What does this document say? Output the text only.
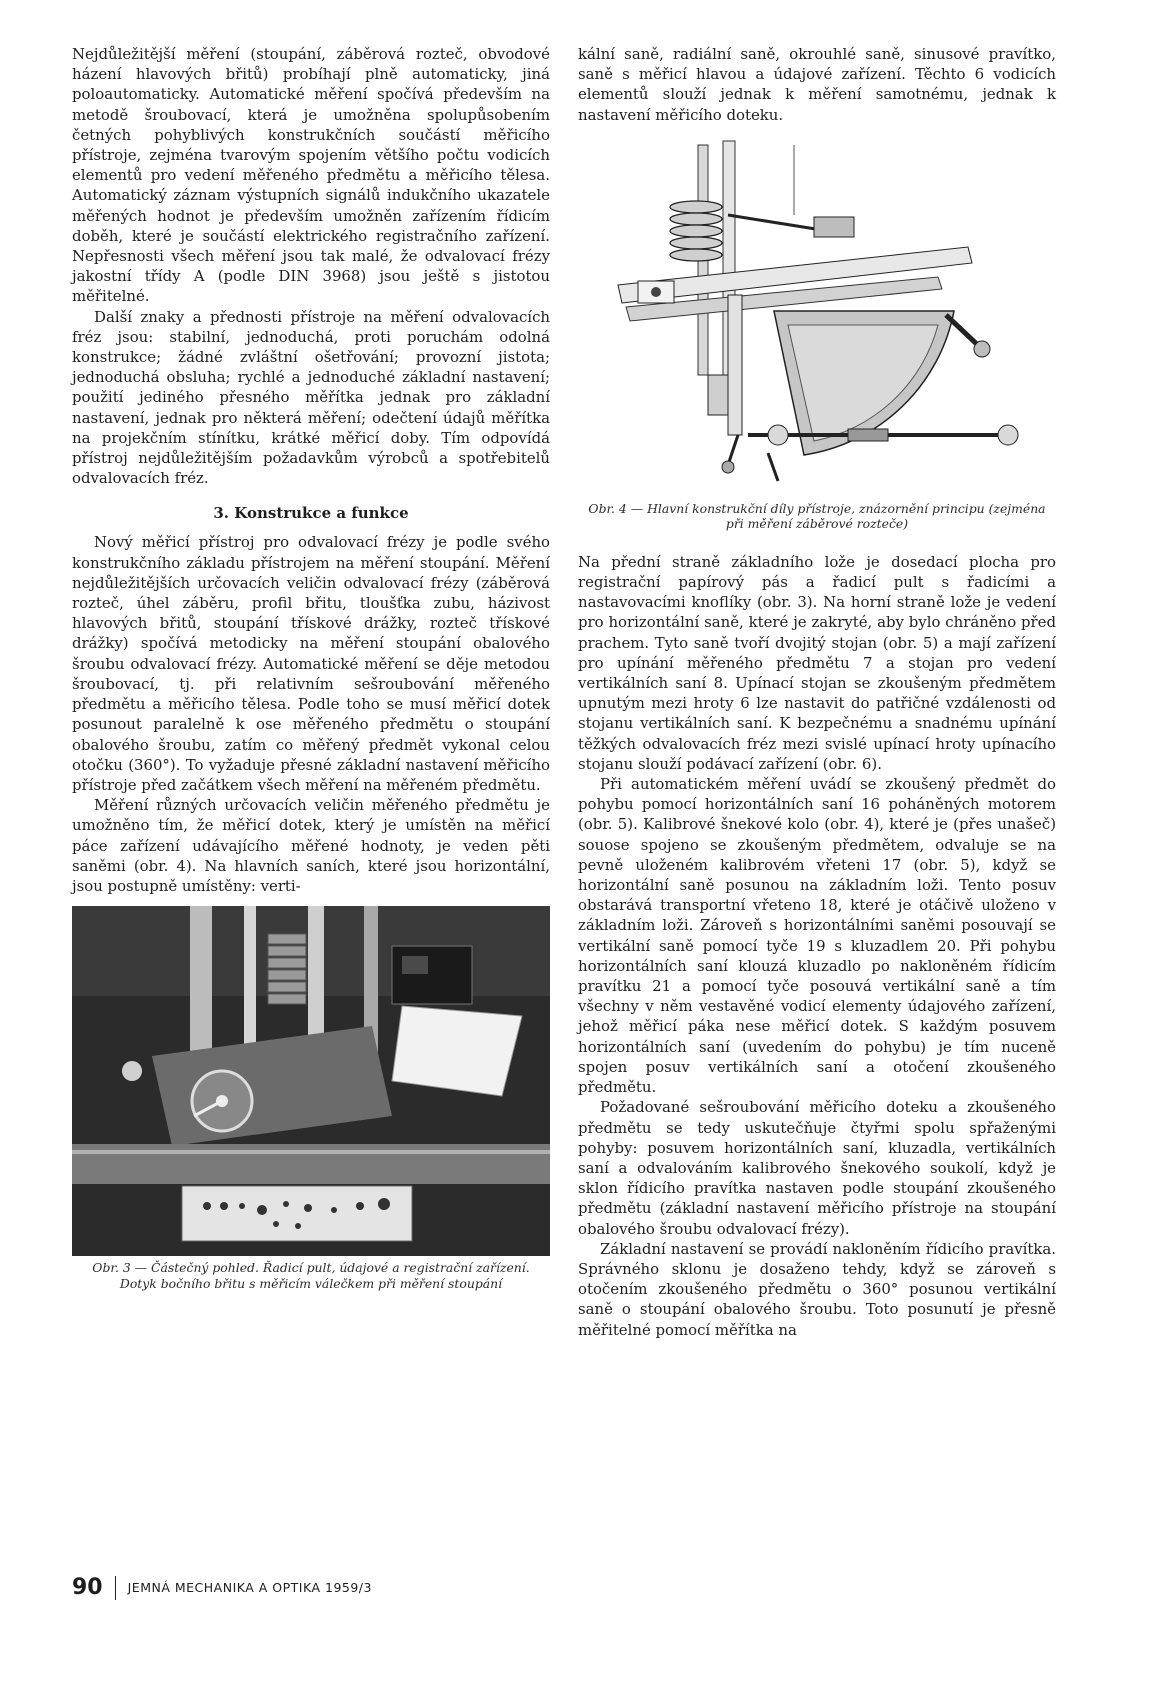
Nejdůležitější měření (stoupání, záběrová rozteč, obvodové házení hlavových břitů) probíhají plně automaticky, jiná poloautomaticky. Automatické měření spočívá především na metodě šroubovací, která je umožněna spolupůsobením četných pohyblivých konstrukčních součástí měřicího přístroje, zejména tvarovým spojením většího počtu vodicích elementů pro vedení měřeného předmětu a měřicího tělesa. Automatický záznam výstupních signálů indukčního ukazatele měřených hodnot je především umožněn zařízením řídicím doběh, které je součástí elektrického registračního zařízení. Nepřesnosti všech měření jsou tak malé, že odvalovací frézy jakostní třídy A (podle DIN 3968) jsou ještě s jistotou měřitelné.

Další znaky a přednosti přístroje na měření odvalovacích fréz jsou: stabilní, jednoduchá, proti poruchám odolná konstrukce; žádné zvláštní ošetřování; provozní jistota; jednoduchá obsluha; rychlé a jednoduché základní nastavení; použití jediného přesného měřítka jednak pro základní nastavení, jednak pro některá měření; odečtení údajů měřítka na projekčním stínítku, krátké měřicí doby. Tím odpovídá přístroj nejdůležitějším požadavkům výrobců a spotřebitelů odvalovacích fréz.

3. Konstrukce a funkce

Nový měřicí přístroj pro odvalovací frézy je podle svého konstrukčního základu přístrojem na měření stoupání. Měření nejdůležitějších určovacích veličin odvalovací frézy (záběrová rozteč, úhel záběru, profil břitu, tloušťka zubu, házivost hlavových břitů, stoupání třískové drážky, rozteč třískové drážky) spočívá metodicky na měření stoupání obalového šroubu odvalovací frézy. Automatické měření se děje metodou šroubovací, tj. při relativním sešroubování měřeného předmětu a měřicího tělesa. Podle toho se musí měřicí dotek posunout paralelně k ose měřeného předmětu o stoupání obalového šroubu, zatím co měřený předmět vykonal celou otočku (360°). To vyžaduje přesné základní nastavení měřicího přístroje před začátkem všech měření na měřeném předmětu.

Měření různých určovacích veličin měřeného předmětu je umožněno tím, že měřicí dotek, který je umístěn na měřicí páce zařízení udávajícího měřené hodnoty, je veden pěti saněmi (obr. 4). Na hlavních saních, které jsou horizontální, jsou postupně umístěny: verti-

Obr. 3 — Částečný pohled. Řadicí pult, údajové a registrační zařízení. Dotyk bočního břitu s měřicím válečkem při měření stoupání

kální saně, radiální saně, okrouhlé saně, sinusové pravítko, saně s měřicí hlavou a údajové zařízení. Těchto 6 vodicích elementů slouží jednak k měření samotnému, jednak k nastavení měřicího doteku.

Obr. 4 — Hlavní konstrukční díly přístroje, znázornění principu (zejména při měření záběrové rozteče)

Na přední straně základního lože je dosedací plocha pro registrační papírový pás a řadicí pult s řadicími a nastavovacími knoflíky (obr. 3). Na horní straně lože je vedení pro horizontální saně, které je zakryté, aby bylo chráněno před prachem. Tyto saně tvoří dvojitý stojan (obr. 5) a mají zařízení pro upínání měřeného předmětu 7 a stojan pro vedení vertikálních saní 8. Upínací stojan se zkoušeným předmětem upnutým mezi hroty 6 lze nastavit do patřičné vzdálenosti od stojanu vertikálních saní. K bezpečnému a snadnému upínání těžkých odvalovacích fréz mezi svislé upínací hroty upínacího stojanu slouží podávací zařízení (obr. 6).

Při automatickém měření uvádí se zkoušený předmět do pohybu pomocí horizontálních saní 16 poháněných motorem (obr. 5). Kalibrové šnekové kolo (obr. 4), které je (přes unašeč) souose spojeno se zkoušeným předmětem, odvaluje se na pevně uloženém kalibrovém vřeteni 17 (obr. 5), když se horizontální saně posunou na základním loži. Tento posuv obstarává transportní vřeteno 18, které je otáčivě uloženo v základním loži. Zároveň s horizontálními saněmi posouvají se vertikální saně pomocí tyče 19 s kluzadlem 20. Při pohybu horizontálních saní klouzá kluzadlo po nakloněném řídicím pravítku 21 a pomocí tyče posouvá vertikální saně a tím všechny v něm vestavěné vodicí elementy údajového zařízení, jehož měřicí páka nese měřicí dotek. S každým posuvem horizontálních saní (uvedením do pohybu) je tím nuceně spojen posuv vertikálních saní a otočení zkoušeného předmětu.

Požadované sešroubování měřicího doteku a zkoušeného předmětu se tedy uskutečňuje čtyřmi spolu spřaženými pohyby: posuvem horizontálních saní, kluzadla, vertikálních saní a odvalováním kalibrového šnekového soukolí, když je sklon řídicího pravítka nastaven podle stoupání zkoušeného předmětu (základní nastavení měřicího přístroje na stoupání obalového šroubu odvalovací frézy).

Základní nastavení se provádí nakloněním řídicího pravítka. Správného sklonu je dosaženo tehdy, když se zároveň s otočením zkoušeného předmětu o 360° posunou vertikální saně o stoupání obalového šroubu. Toto posunutí je přesně měřitelné pomocí měřítka na

90 JEMNÁ MECHANIKA A OPTIKA 1959/3
